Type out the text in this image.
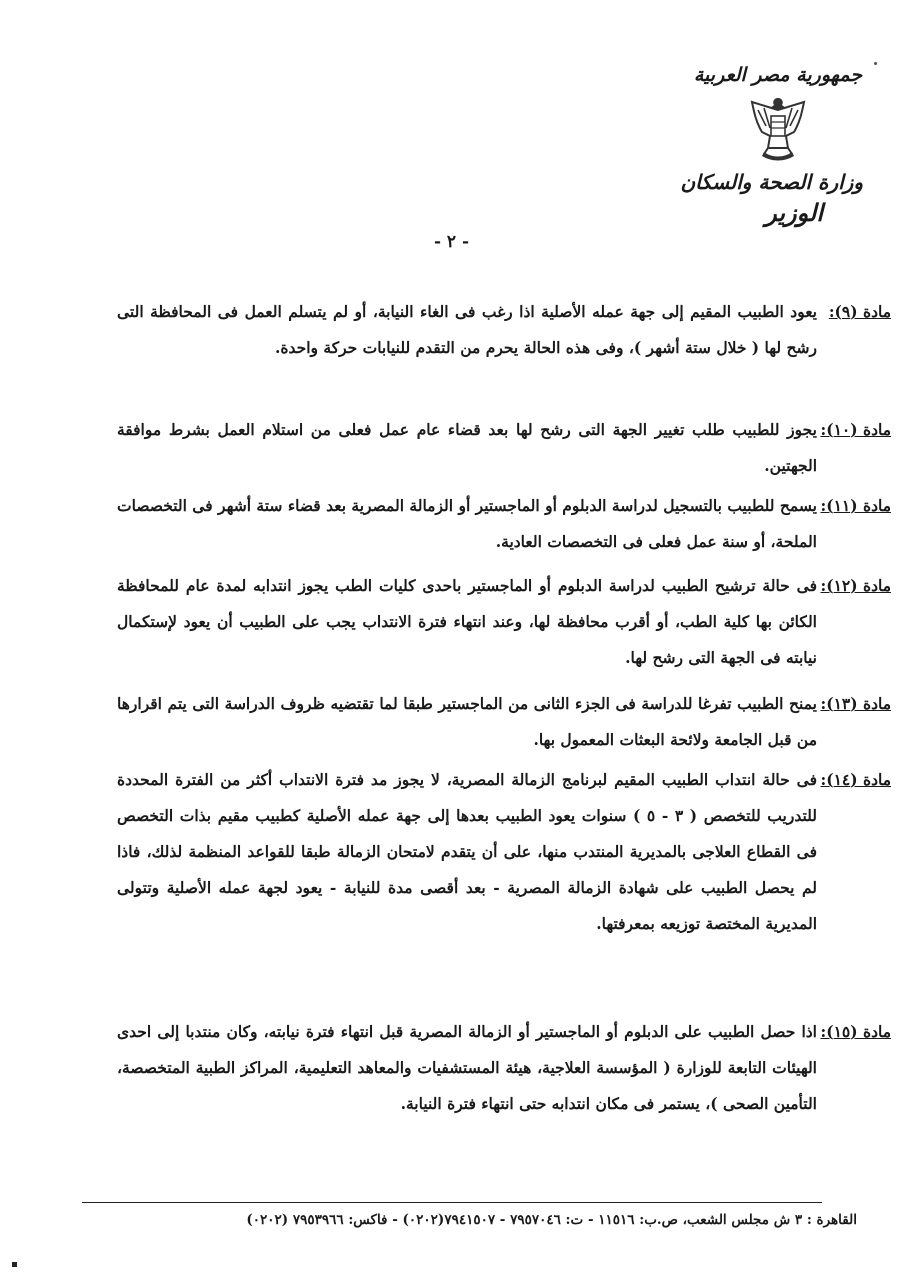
جمهورية مصر العربية
وزارة الصحة والسكان
الوزير
- ٢ -
مادة (٩):

يعود الطبيب المقيم إلى جهة عمله الأصلية اذا رغب فى الغاء النيابة، أو لم يتسلم العمل فى المحافظة التى رشح لها ( خلال ستة أشهر )، وفى هذه الحالة يحرم من التقدم للنيابات حركة واحدة.

مادة (١٠):

يجوز للطبيب طلب تغيير الجهة التى رشح لها بعد قضاء عام عمل فعلى من استلام العمل بشرط موافقة الجهتين.

مادة (١١):

يسمح للطبيب بالتسجيل لدراسة الدبلوم أو الماجستير أو الزمالة المصرية بعد قضاء ستة أشهر فى التخصصات الملحة، أو سنة عمل فعلى فى التخصصات العادية.

مادة (١٢):

فى حالة ترشيح الطبيب لدراسة الدبلوم أو الماجستير باحدى كليات الطب يجوز انتدابه لمدة عام للمحافظة الكائن بها كلية الطب، أو أقرب محافظة لها، وعند انتهاء فترة الانتداب يجب على الطبيب أن يعود لإستكمال نيابته فى الجهة التى رشح لها.

مادة (١٣):

يمنح الطبيب تفرغا للدراسة فى الجزء الثانى من الماجستير طبقا لما تقتضيه ظروف الدراسة التى يتم اقرارها من قبل الجامعة ولائحة البعثات المعمول بها.

مادة (١٤):

فى حالة انتداب الطبيب المقيم لبرنامج الزمالة المصرية، لا يجوز مد فترة الانتداب أكثر من الفترة المحددة للتدريب للتخصص ( ٣ - ٥ ) سنوات يعود الطبيب بعدها إلى جهة عمله الأصلية كطبيب مقيم بذات التخصص فى القطاع العلاجى بالمديرية المنتدب منها، على أن يتقدم لامتحان الزمالة طبقا للقواعد المنظمة لذلك، فاذا لم يحصل الطبيب على شهادة الزمالة المصرية - بعد أقصى مدة للنيابة - يعود لجهة عمله الأصلية وتتولى المديرية المختصة توزيعه بمعرفتها.

مادة (١٥):

اذا حصل الطبيب على الدبلوم أو الماجستير أو الزمالة المصرية قبل انتهاء فترة نيابته، وكان منتدبا إلى احدى الهيئات التابعة للوزارة ( المؤسسة العلاجية، هيئة المستشفيات والمعاهد التعليمية، المراكز الطبية المتخصصة، التأمين الصحى )، يستمر فى مكان انتدابه حتى انتهاء فترة النيابة.

القاهرة : ٣ ش مجلس الشعب، ص.ب: ١١٥١٦ - ت: ٧٩٥٧٠٤٦ - ٧٩٤١٥٠٧(٠٢٠٢) - فاكس: ٧٩٥٣٩٦٦ (٠٢٠٢)
